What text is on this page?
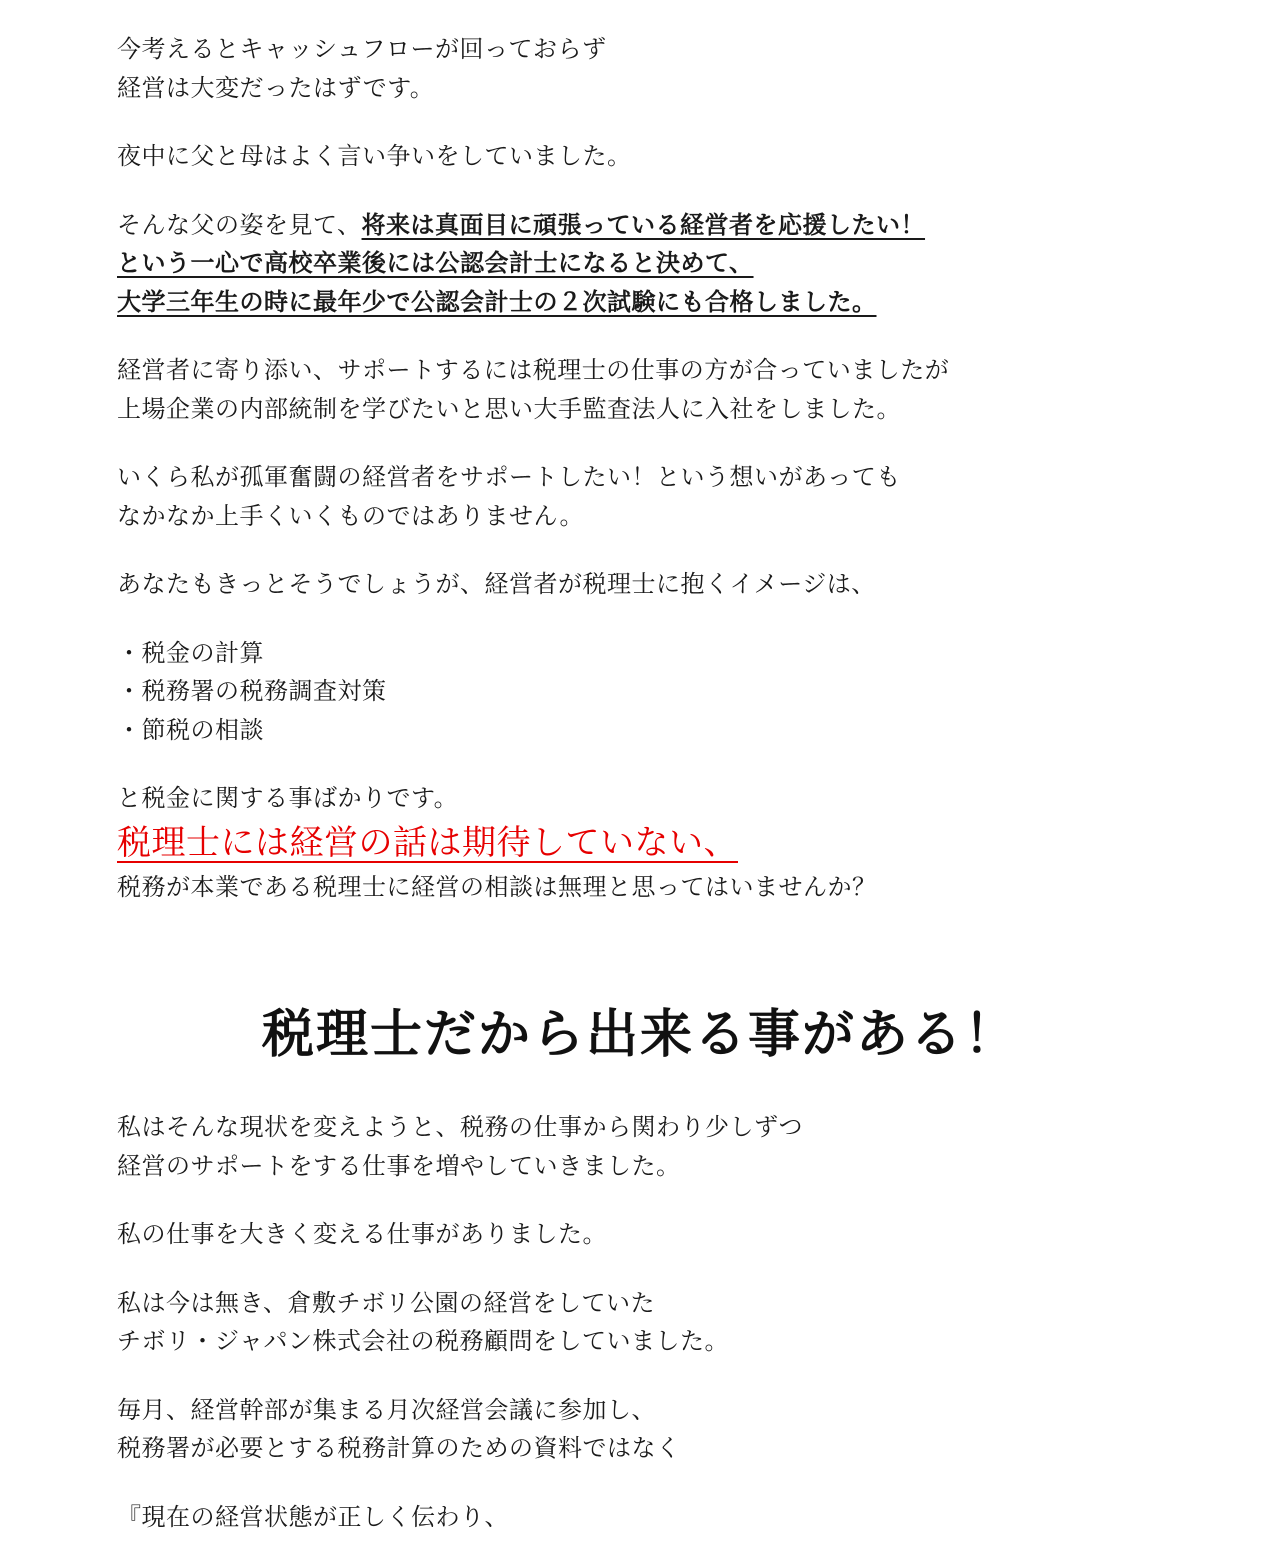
今考えるとキャッシュフローが回っておらず
経営は大変だったはずです。
夜中に父と母はよく言い争いをしていました。
そんな父の姿を見て、将来は真面目に頑張っている経営者を応援したい！
という一心で高校卒業後には公認会計士になると決めて、
大学三年生の時に最年少で公認会計士の２次試験にも合格しました。
経営者に寄り添い、サポートするには税理士の仕事の方が合っていましたが
上場企業の内部統制を学びたいと思い大手監査法人に入社をしました。
いくら私が孤軍奮闘の経営者をサポートしたい！という想いがあっても
なかなか上手くいくものではありません。
あなたもきっとそうでしょうが、経営者が税理士に抱くイメージは、
・税金の計算
・税務署の税務調査対策
・節税の相談
と税金に関する事ばかりです。
税理士には経営の話は期待していない、
税務が本業である税理士に経営の相談は無理と思ってはいませんか？
税理士だから出来る事がある！
私はそんな現状を変えようと、税務の仕事から関わり少しずつ
経営のサポートをする仕事を増やしていきました。
私の仕事を大きく変える仕事がありました。
私は今は無き、倉敷チボリ公園の経営をしていた
チボリ・ジャパン株式会社の税務顧問をしていました。
毎月、経営幹部が集まる月次経営会議に参加し、
税務署が必要とする税務計算のための資料ではなく
『現在の経営状態が正しく伝わり、
